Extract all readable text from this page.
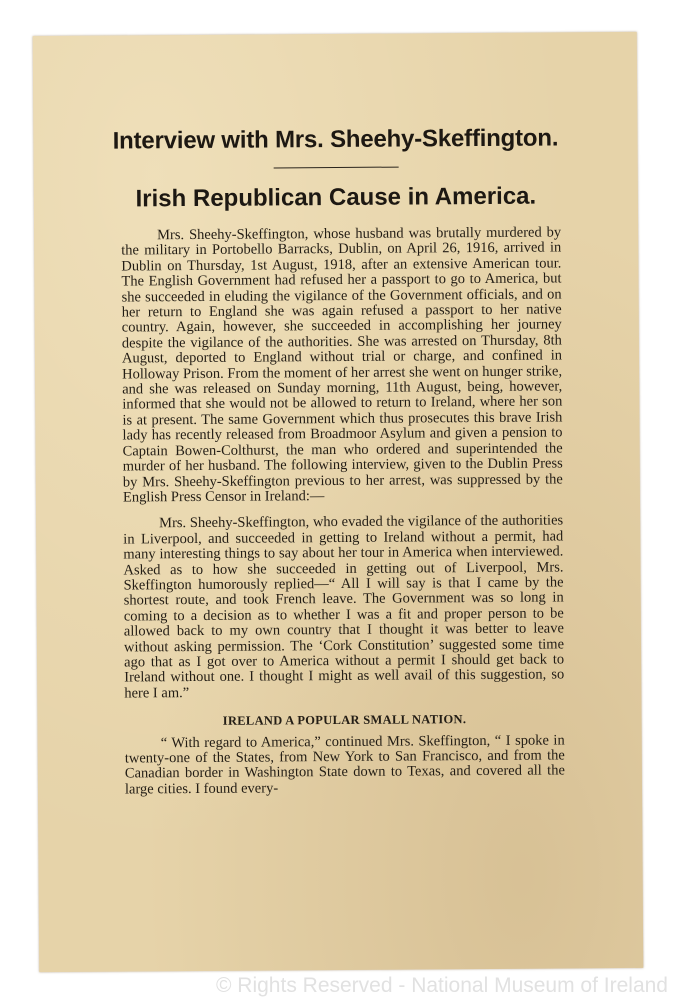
Interview with Mrs. Sheehy-Skeffington.
Irish Republican Cause in America.

Mrs. Sheehy-Skeffington, whose husband was brutally murdered by the military in Portobello Barracks, Dublin, on April 26, 1916, arrived in Dublin on Thursday, 1st August, 1918, after an extensive American tour. The English Government had refused her a passport to go to America, but she succeeded in eluding the vigilance of the Government officials, and on her return to England she was again refused a passport to her native country. Again, however, she succeeded in accomplishing her journey despite the vigilance of the authorities. She was arrested on Thursday, 8th August, deported to England without trial or charge, and confined in Holloway Prison. From the moment of her arrest she went on hunger strike, and she was released on Sunday morning, 11th August, being, however, informed that she would not be allowed to return to Ireland, where her son is at present. The same Government which thus prosecutes this brave Irish lady has recently released from Broadmoor Asylum and given a pension to Captain Bowen-Colthurst, the man who ordered and superintended the murder of her husband. The following interview, given to the Dublin Press by Mrs. Sheehy-Skeffington previous to her arrest, was suppressed by the English Press Censor in Ireland:—

Mrs. Sheehy-Skeffington, who evaded the vigilance of the authorities in Liverpool, and succeeded in getting to Ireland without a permit, had many interesting things to say about her tour in America when interviewed. Asked as to how she succeeded in getting out of Liverpool, Mrs. Skeffington humorously replied—“ All I will say is that I came by the shortest route, and took French leave. The Government was so long in coming to a decision as to whether I was a fit and proper person to be allowed back to my own country that I thought it was better to leave without asking permission. The ‘Cork Constitution’ suggested some time ago that as I got over to America without a permit I should get back to Ireland without one. I thought I might as well avail of this suggestion, so here I am.”

IRELAND A POPULAR SMALL NATION.

“ With regard to America,” continued Mrs. Skeffington, “ I spoke in twenty-one of the States, from New York to San Francisco, and from the Canadian border in Washington State down to Texas, and covered all the large cities. I found every-

© Rights Reserved - National Museum of Ireland
